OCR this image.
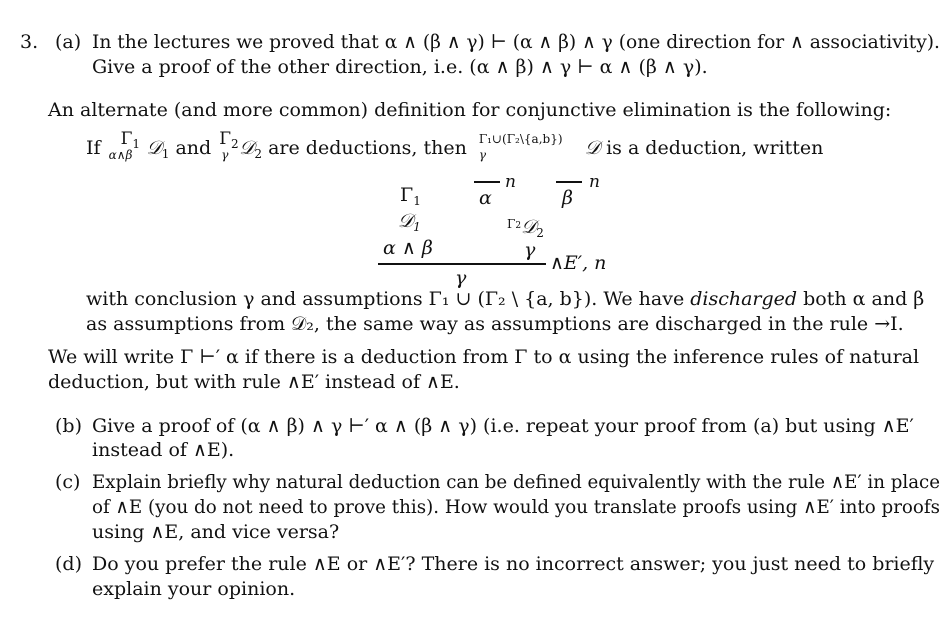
3. (a) In the lectures we proved that α ∧ (β ∧ γ) ⊢ (α ∧ β) ∧ γ (one direction for ∧ associativity).
Give a proof of the other direction, i.e. (α ∧ β) ∧ γ ⊢ α ∧ (β ∧ γ).
An alternate (and more common) definition for conjunctive elimination is the following:
If $\Gamma_1$
α∧β 𝒟$_1$ and $\Gamma_2$
γ 𝒟$_2$ are deductions, then Γ₁∪(Γ₂\{a,b})
γ	𝒟 is a deduction, written
$\Gamma_1$
𝒟$_1$
α ∧ β
n
α
n
β
$^{\Gamma 2}$𝒟$_2$
γ
∧E′, n
γ
with conclusion γ and assumptions Γ₁ ∪ (Γ₂ \ {a, b}). We have discharged both α and β
as assumptions from 𝒟₂, the same way as assumptions are discharged in the rule →I.
We will write Γ ⊢′ α if there is a deduction from Γ to α using the inference rules of natural
deduction, but with rule ∧E′ instead of ∧E.
(b) Give a proof of (α ∧ β) ∧ γ ⊢′ α ∧ (β ∧ γ) (i.e. repeat your proof from (a) but using ∧E′
instead of ∧E).
(c) Explain briefly why natural deduction can be defined equivalently with the rule ∧E′ in place
of ∧E (you do not need to prove this). How would you translate proofs using ∧E′ into proofs
using ∧E, and vice versa?
(d) Do you prefer the rule ∧E or ∧E′? There is no incorrect answer; you just need to briefly
explain your opinion.
